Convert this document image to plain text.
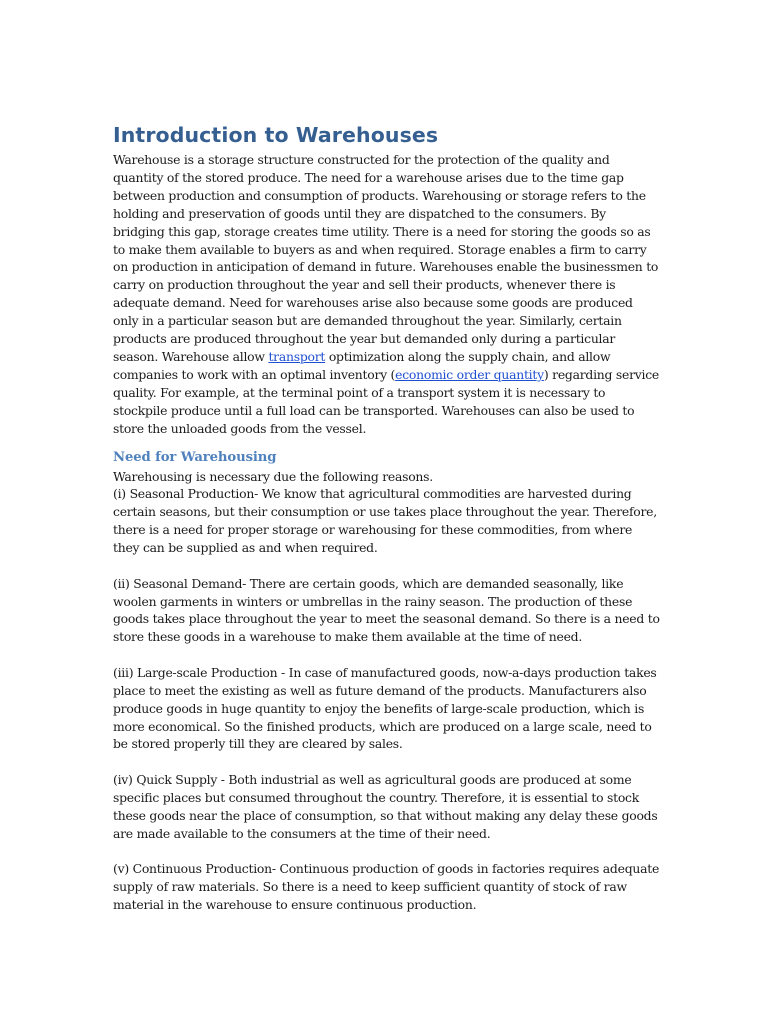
Introduction to Warehouses

Warehouse is a storage structure constructed for the protection of the quality and quantity of the stored produce. The need for a warehouse arises due to the time gap between production and consumption of products. Warehousing or storage refers to the holding and preservation of goods until they are dispatched to the consumers. By bridging this gap, storage creates time utility. There is a need for storing the goods so as to make them available to buyers as and when required. Storage enables a firm to carry on production in anticipation of demand in future. Warehouses enable the businessmen to carry on production throughout the year and sell their products, whenever there is adequate demand. Need for warehouses arise also because some goods are produced only in a particular season but are demanded throughout the year. Similarly, certain products are produced throughout the year but demanded only during a particular season. Warehouse allow transport optimization along the supply chain, and allow companies to work with an optimal inventory (economic order quantity) regarding service quality. For example, at the terminal point of a transport system it is necessary to stockpile produce until a full load can be transported. Warehouses can also be used to store the unloaded goods from the vessel.

Need for Warehousing

Warehousing is necessary due the following reasons.

(i) Seasonal Production- We know that agricultural commodities are harvested during certain seasons, but their consumption or use takes place throughout the year. Therefore, there is a need for proper storage or warehousing for these commodities, from where they can be supplied as and when required.

(ii) Seasonal Demand- There are certain goods, which are demanded seasonally, like woolen garments in winters or umbrellas in the rainy season. The production of these goods takes place throughout the year to meet the seasonal demand. So there is a need to store these goods in a warehouse to make them available at the time of need.

(iii) Large-scale Production - In case of manufactured goods, now-a-days production takes place to meet the existing as well as future demand of the products. Manufacturers also produce goods in huge quantity to enjoy the benefits of large-scale production, which is more economical. So the finished products, which are produced on a large scale, need to be stored properly till they are cleared by sales.

(iv) Quick Supply - Both industrial as well as agricultural goods are produced at some specific places but consumed throughout the country. Therefore, it is essential to stock these goods near the place of consumption, so that without making any delay these goods are made available to the consumers at the time of their need.

(v) Continuous Production- Continuous production of goods in factories requires adequate supply of raw materials. So there is a need to keep sufficient quantity of stock of raw material in the warehouse to ensure continuous production.
